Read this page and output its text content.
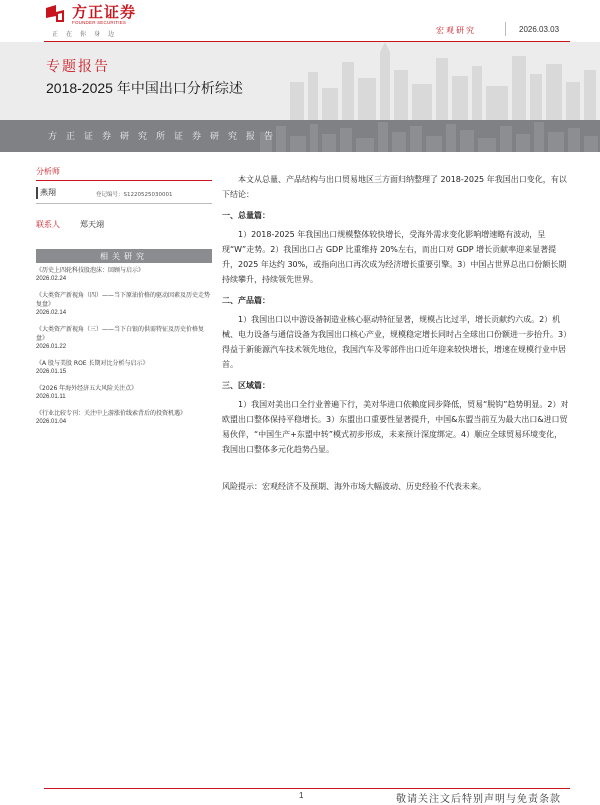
方正证券
FOUNDER SECURITIES
正在你身边	宏观研究	2026.03.03
专题报告
2018-2025 年中国出口分析综述
方正证券研究所证券研究报告
分析师
燕翔	登记编号：S1220525030001
联系人	郑天翊
相关研究
《历史上四轮科技股泡沫：回顾与启示》
2026.02.24
《大类资产新视角（四）——当下原油价格的驱动因素及历史走势复盘》
2026.02.14
《大类资产新视角（三）——当下白银的供需特征及历史价格复盘》
2026.01.22
《A 股与美股 ROE 长期对比分析与启示》
2026.01.15
《2026 年海外经济五大风险关注点》
2026.01.11
《行业比较专刊：关注中上游涨价线索背后的投资机遇》
2026.01.04

本文从总量、产品结构与出口贸易地区三方面归纳整理了 2018-2025 年我国出口变化，有以下结论：

一、总量篇：

1）2018-2025 年我国出口规模整体较快增长，受海外需求变化影响增速略有波动，呈现“W”走势。2）我国出口占 GDP 比重维持 20%左右，而出口对 GDP 增长贡献率迎来显著提升，2025 年达约 30%，或指向出口再次成为经济增长重要引擎。3）中国占世界总出口份额长期持续攀升，持续领先世界。

二、产品篇：

1）我国出口以中游设备制造业核心驱动特征显著，规模占比过半，增长贡献约六成。2）机械、电力设备与通信设备为我国出口核心产业，规模稳定增长同时占全球出口份额进一步抬升。3）得益于新能源汽车技术领先地位，我国汽车及零部件出口近年迎来较快增长，增速在规模行业中居首。

三、区域篇：

1）我国对美出口全行业普遍下行，美对华进口依赖度同步降低，贸易“脱钩”趋势明显。2）对欧盟出口整体保持平稳增长。3）东盟出口重要性显著提升，中国&东盟当前互为最大出口&进口贸易伙伴，“中国生产+东盟中转”模式初步形成，未来预计深度绑定。4）顺应全球贸易环境变化，我国出口整体多元化趋势凸显。

风险提示：宏观经济不及预期、海外市场大幅波动、历史经验不代表未来。

1	敬请关注文后特别声明与免责条款
